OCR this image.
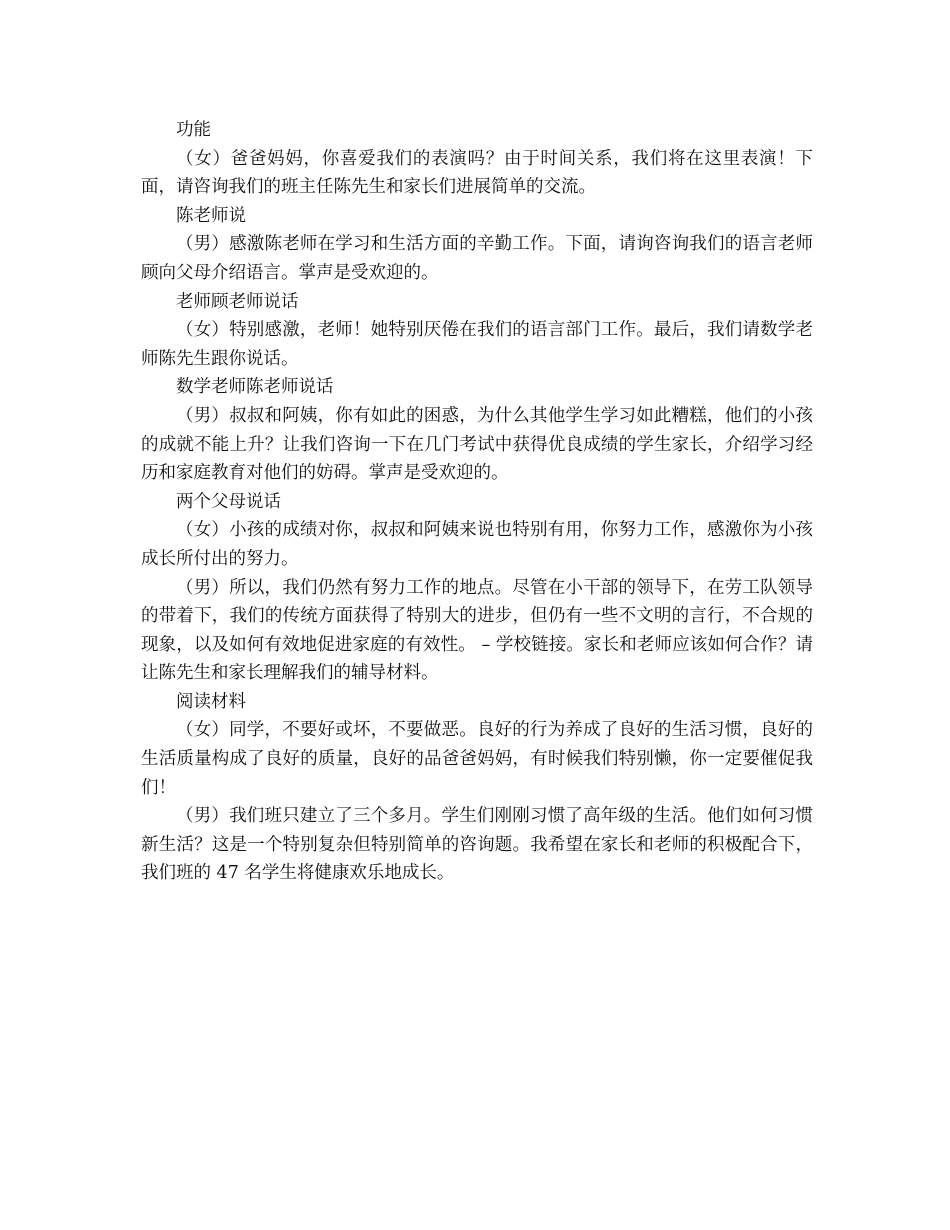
功能

（女）爸爸妈妈，你喜爱我们的表演吗？由于时间关系，我们将在这里表演！下面，请咨询我们的班主任陈先生和家长们进展简单的交流。

陈老师说

（男）感激陈老师在学习和生活方面的辛勤工作。下面，请询咨询我们的语言老师顾向父母介绍语言。掌声是受欢迎的。

老师顾老师说话

（女）特别感激，老师！她特别厌倦在我们的语言部门工作。最后，我们请数学老师陈先生跟你说话。

数学老师陈老师说话

（男）叔叔和阿姨，你有如此的困惑，为什么其他学生学习如此糟糕，他们的小孩的成就不能上升？让我们咨询一下在几门考试中获得优良成绩的学生家长，介绍学习经历和家庭教育对他们的妨碍。掌声是受欢迎的。

两个父母说话

（女）小孩的成绩对你，叔叔和阿姨来说也特别有用，你努力工作，感激你为小孩成长所付出的努力。

（男）所以，我们仍然有努力工作的地点。尽管在小干部的领导下，在劳工队领导的带着下，我们的传统方面获得了特别大的进步，但仍有一些不文明的言行，不合规的现象，以及如何有效地促进家庭的有效性。 – 学校链接。家长和老师应该如何合作？请让陈先生和家长理解我们的辅导材料。

阅读材料

（女）同学，不要好或坏，不要做恶。良好的行为养成了良好的生活习惯，良好的生活质量构成了良好的质量，良好的品爸爸妈妈，有时候我们特别懒，你一定要催促我们！

（男）我们班只建立了三个多月。学生们刚刚习惯了高年级的生活。他们如何习惯新生活？这是一个特别复杂但特别简单的咨询题。我希望在家长和老师的积极配合下，我们班的 47 名学生将健康欢乐地成长。
